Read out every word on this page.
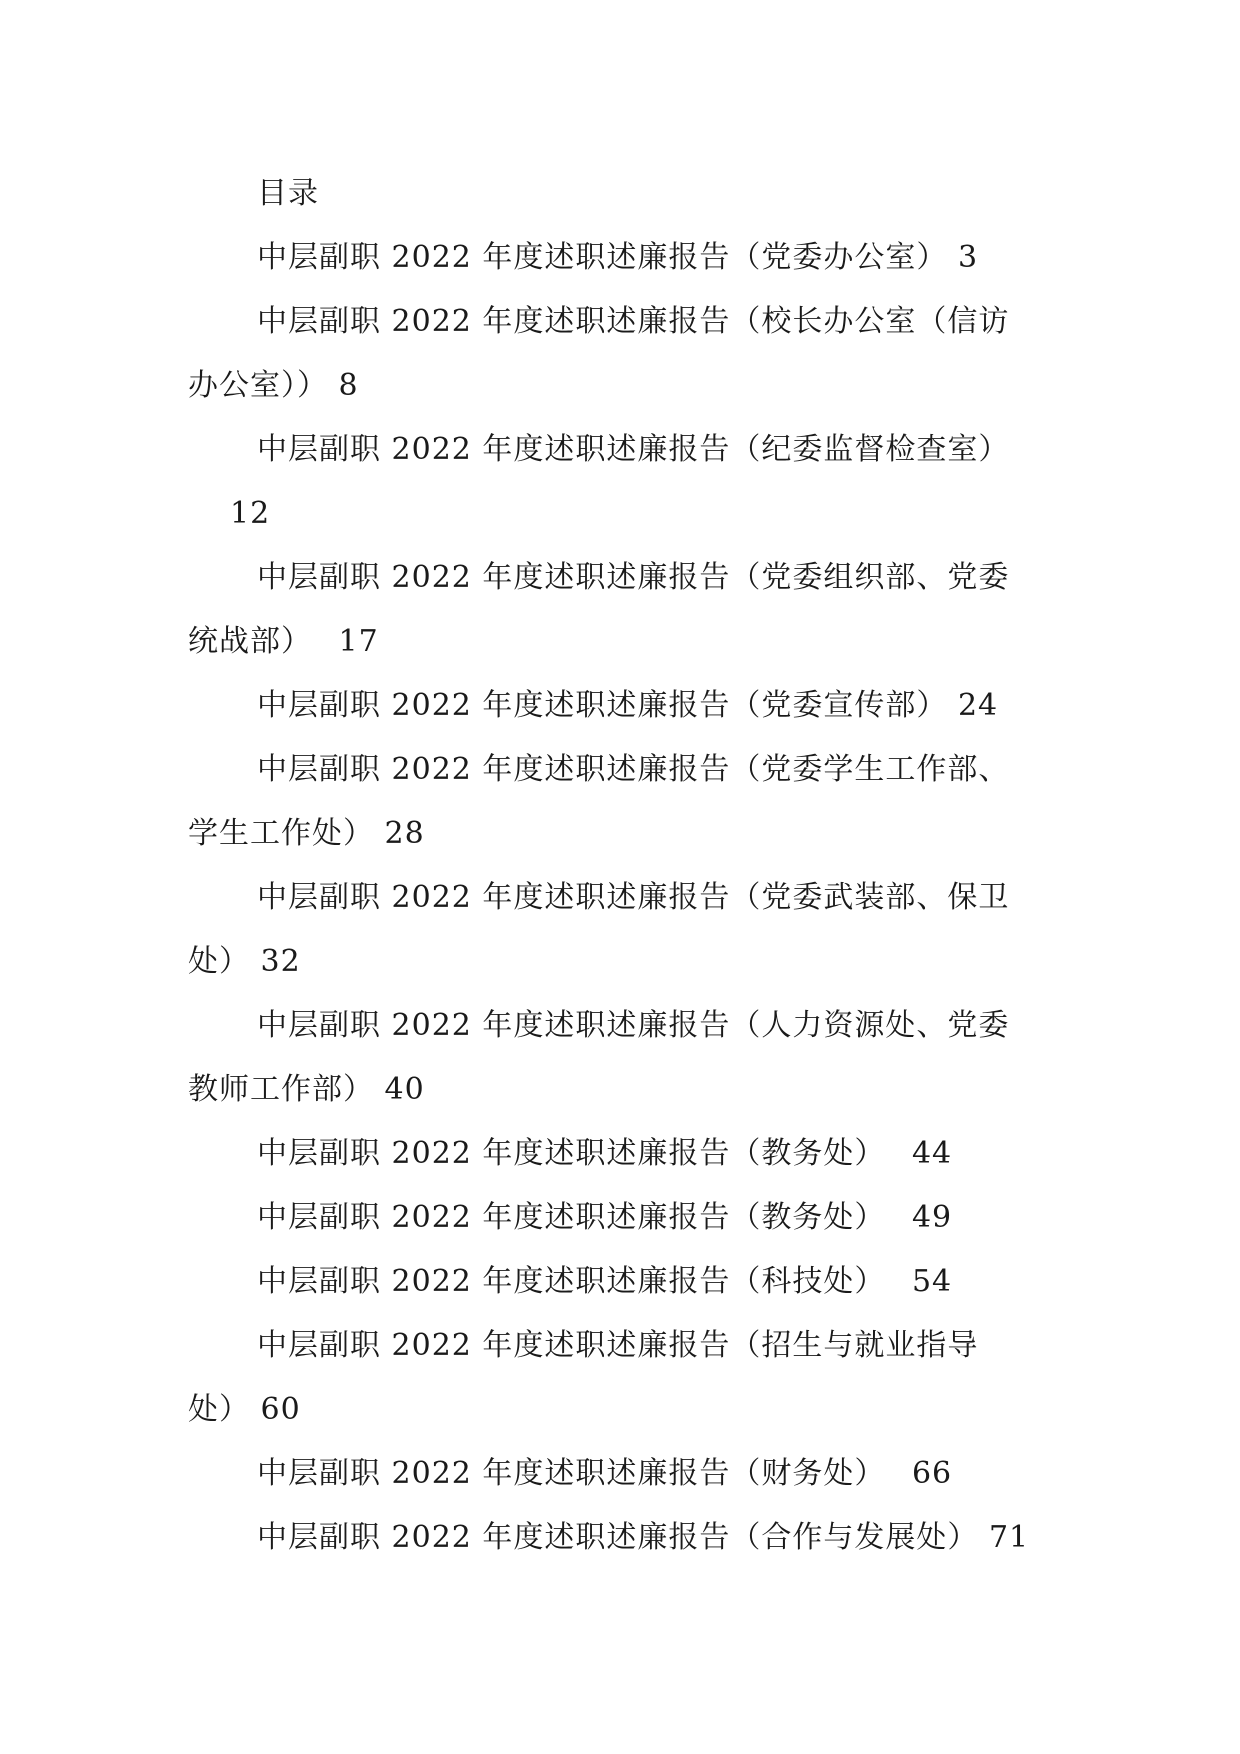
目录
中层副职 2022 年度述职述廉报告（党委办公室） 3
中层副职 2022 年度述职述廉报告（校长办公室（信访
办公室）） 8
中层副职 2022 年度述职述廉报告（纪委监督检查室）
12
中层副职 2022 年度述职述廉报告（党委组织部、党委
统战部）　 17
中层副职 2022 年度述职述廉报告（党委宣传部） 24
中层副职 2022 年度述职述廉报告（党委学生工作部、
学生工作处） 28
中层副职 2022 年度述职述廉报告（党委武装部、保卫
处） 32
中层副职 2022 年度述职述廉报告（人力资源处、党委
教师工作部） 40
中层副职 2022 年度述职述廉报告（教务处）　 44
中层副职 2022 年度述职述廉报告（教务处）　 49
中层副职 2022 年度述职述廉报告（科技处）　 54
中层副职 2022 年度述职述廉报告（招生与就业指导
处） 60
中层副职 2022 年度述职述廉报告（财务处）　 66
中层副职 2022 年度述职述廉报告（合作与发展处） 71
